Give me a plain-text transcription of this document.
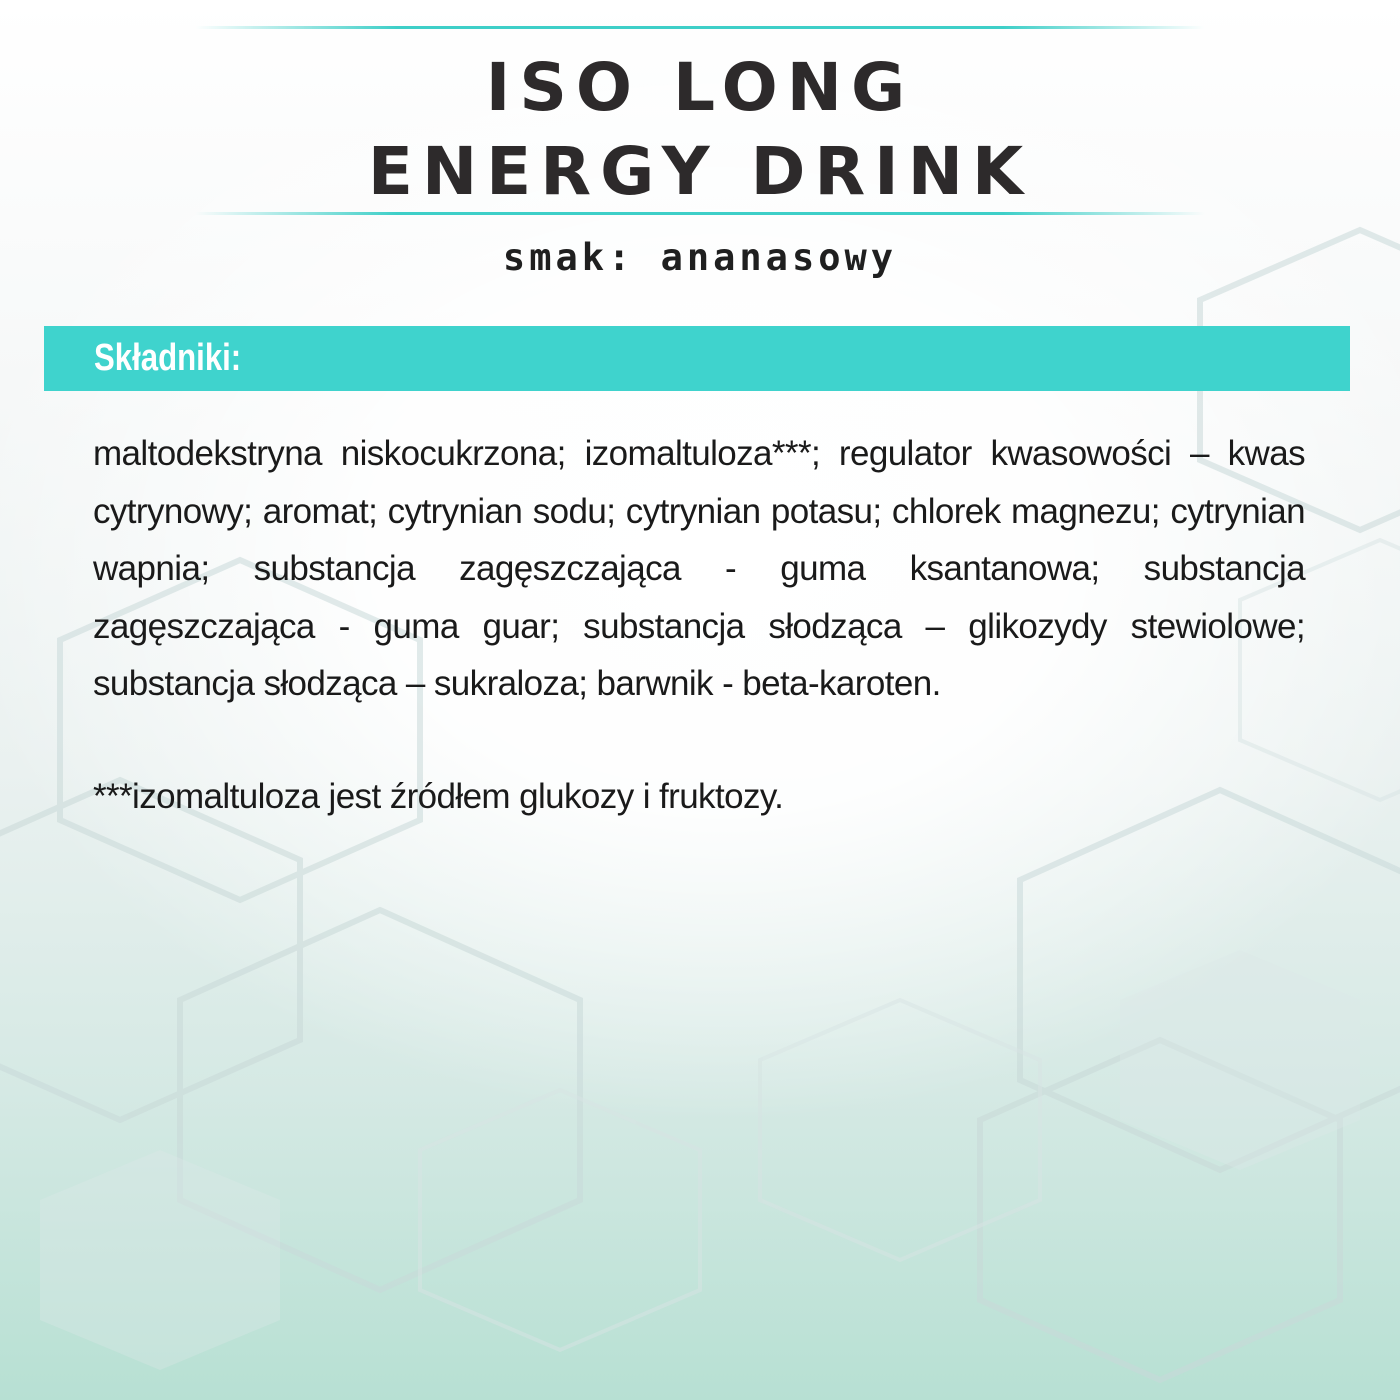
ISO LONG
ENERGY DRINK
smak: ananasowy
Składniki:

maltodekstryna niskocukrzona; izomaltuloza***; regulator kwasowości – kwas cytrynowy; aromat; cytrynian sodu; cytrynian potasu; chlorek magnezu; cytrynian wapnia; substancja zagęszczająca - guma ksantanowa; substancja zagęszczająca - guma guar; substancja słodząca – glikozydy stewiolowe; substancja słodząca – sukraloza; barwnik - beta-karoten.

***izomaltuloza jest źródłem glukozy i fruktozy.
